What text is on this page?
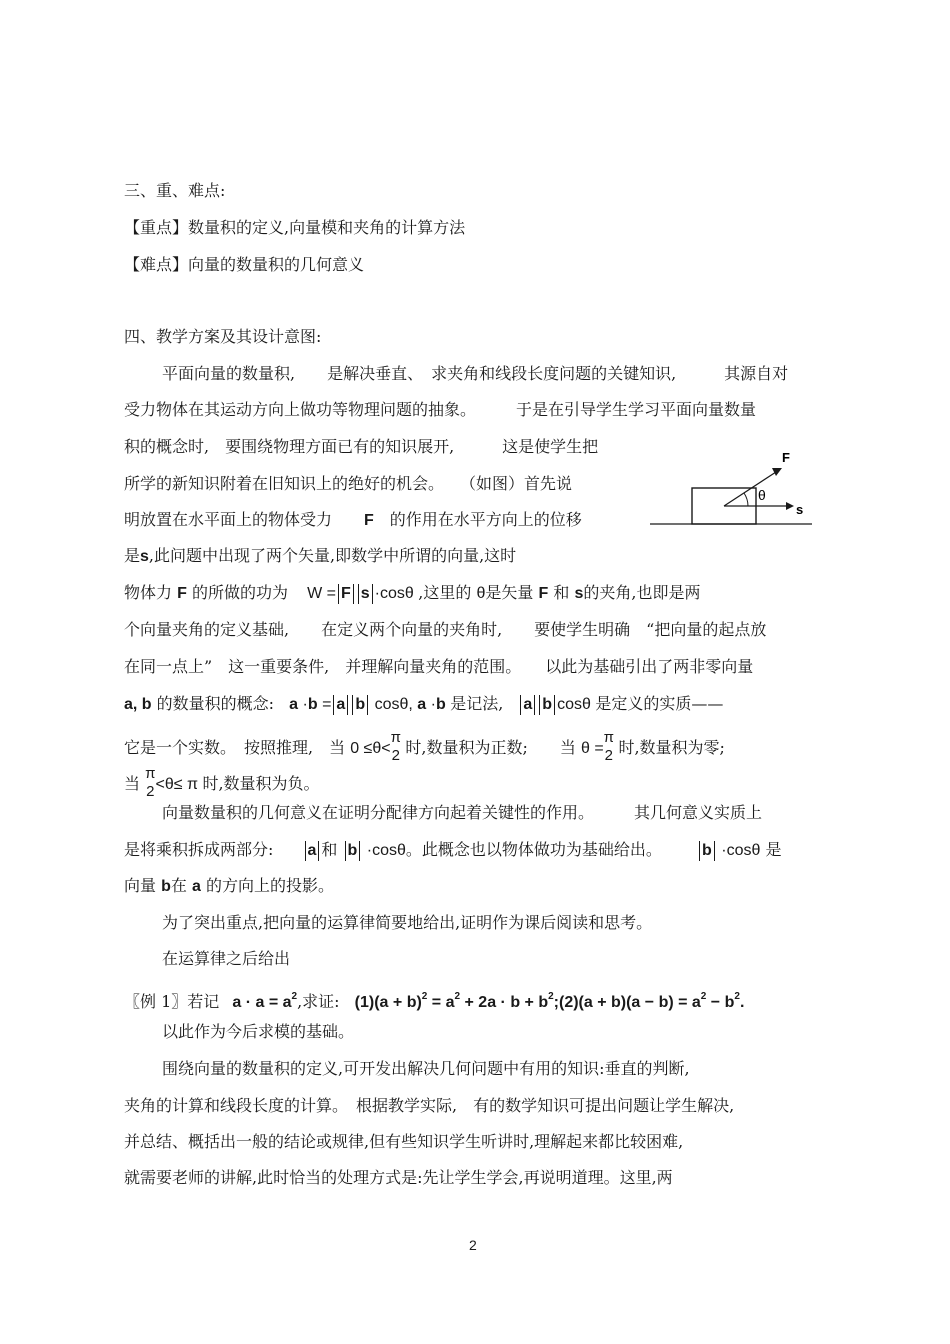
三、重、难点:
【重点】数量积的定义,向量模和夹角的计算方法
【难点】向量的数量积的几何意义
四、教学方案及其设计意图:
平面向量的数量积,　　是解决垂直、　求夹角和线段长度问题的关键知识,　　　其源自对
受力物体在其运动方向上做功等物理问题的抽象。　　　于是在引导学生学习平面向量数量
积的概念时,　要围绕物理方面已有的知识展开,　　　这是使学生把
所学的新知识附着在旧知识上的绝好的机会。　　（如图）首先说
明放置在水平面上的物体受力　　F　的作用在水平方向上的位移
是s,此问题中出现了两个矢量,即数学中所谓的向量,这时
物体力 F 的所做的功为 W = F s ·cosθ ,这里的 θ是矢量 F 和 s的夹角,也即是两
个向量夹角的定义基础,　　在定义两个向量的夹角时,　　要使学生明确　“把向量的起点放
在同一点上”　这一重要条件,　并理解向量夹角的范围。　　以此为基础引出了两非零向量
a, b 的数量积的概念: a ·b = a b cosθ, a ·b 是记法, a b cosθ 是定义的实质——
它是一个实数。　按照推理,　当 0 ≤θ<
π
2 时,数量积为正数;　　当 θ =
π
2 时,数量积为零;
当
π
2 <θ≤ π 时,数量积为负。
向量数量积的几何意义在证明分配律方向起着关键性的作用。　　　其几何意义实质上
是将乘积拆成两部分: a 和 b ·cosθ。此概念也以物体做功为基础给出。	b ·cosθ 是
向量 b在 a 的方向上的投影。
为了突出重点,把向量的运算律简要地给出,证明作为课后阅读和思考。
在运算律之后给出
〖例 1〗若记 $a \cdot a = a^2$,求证: $(1)(a + b)^2 = a^2 + 2a \cdot b$ + $b^2;(2)(a + b)(a - b) = a^2 - b^2$.
以此作为今后求模的基础。
围绕向量的数量积的定义,可开发出解决几何问题中有用的知识:垂直的判断,
夹角的计算和线段长度的计算。　根据教学实际,　有的数学知识可提出问题让学生解决,
并总结、概括出一般的结论或规律,但有些知识学生听讲时,理解起来都比较困难,
就需要老师的讲解,此时恰当的处理方式是:先让学生学会,再说明道理。这里,两
F
s
θ
2
